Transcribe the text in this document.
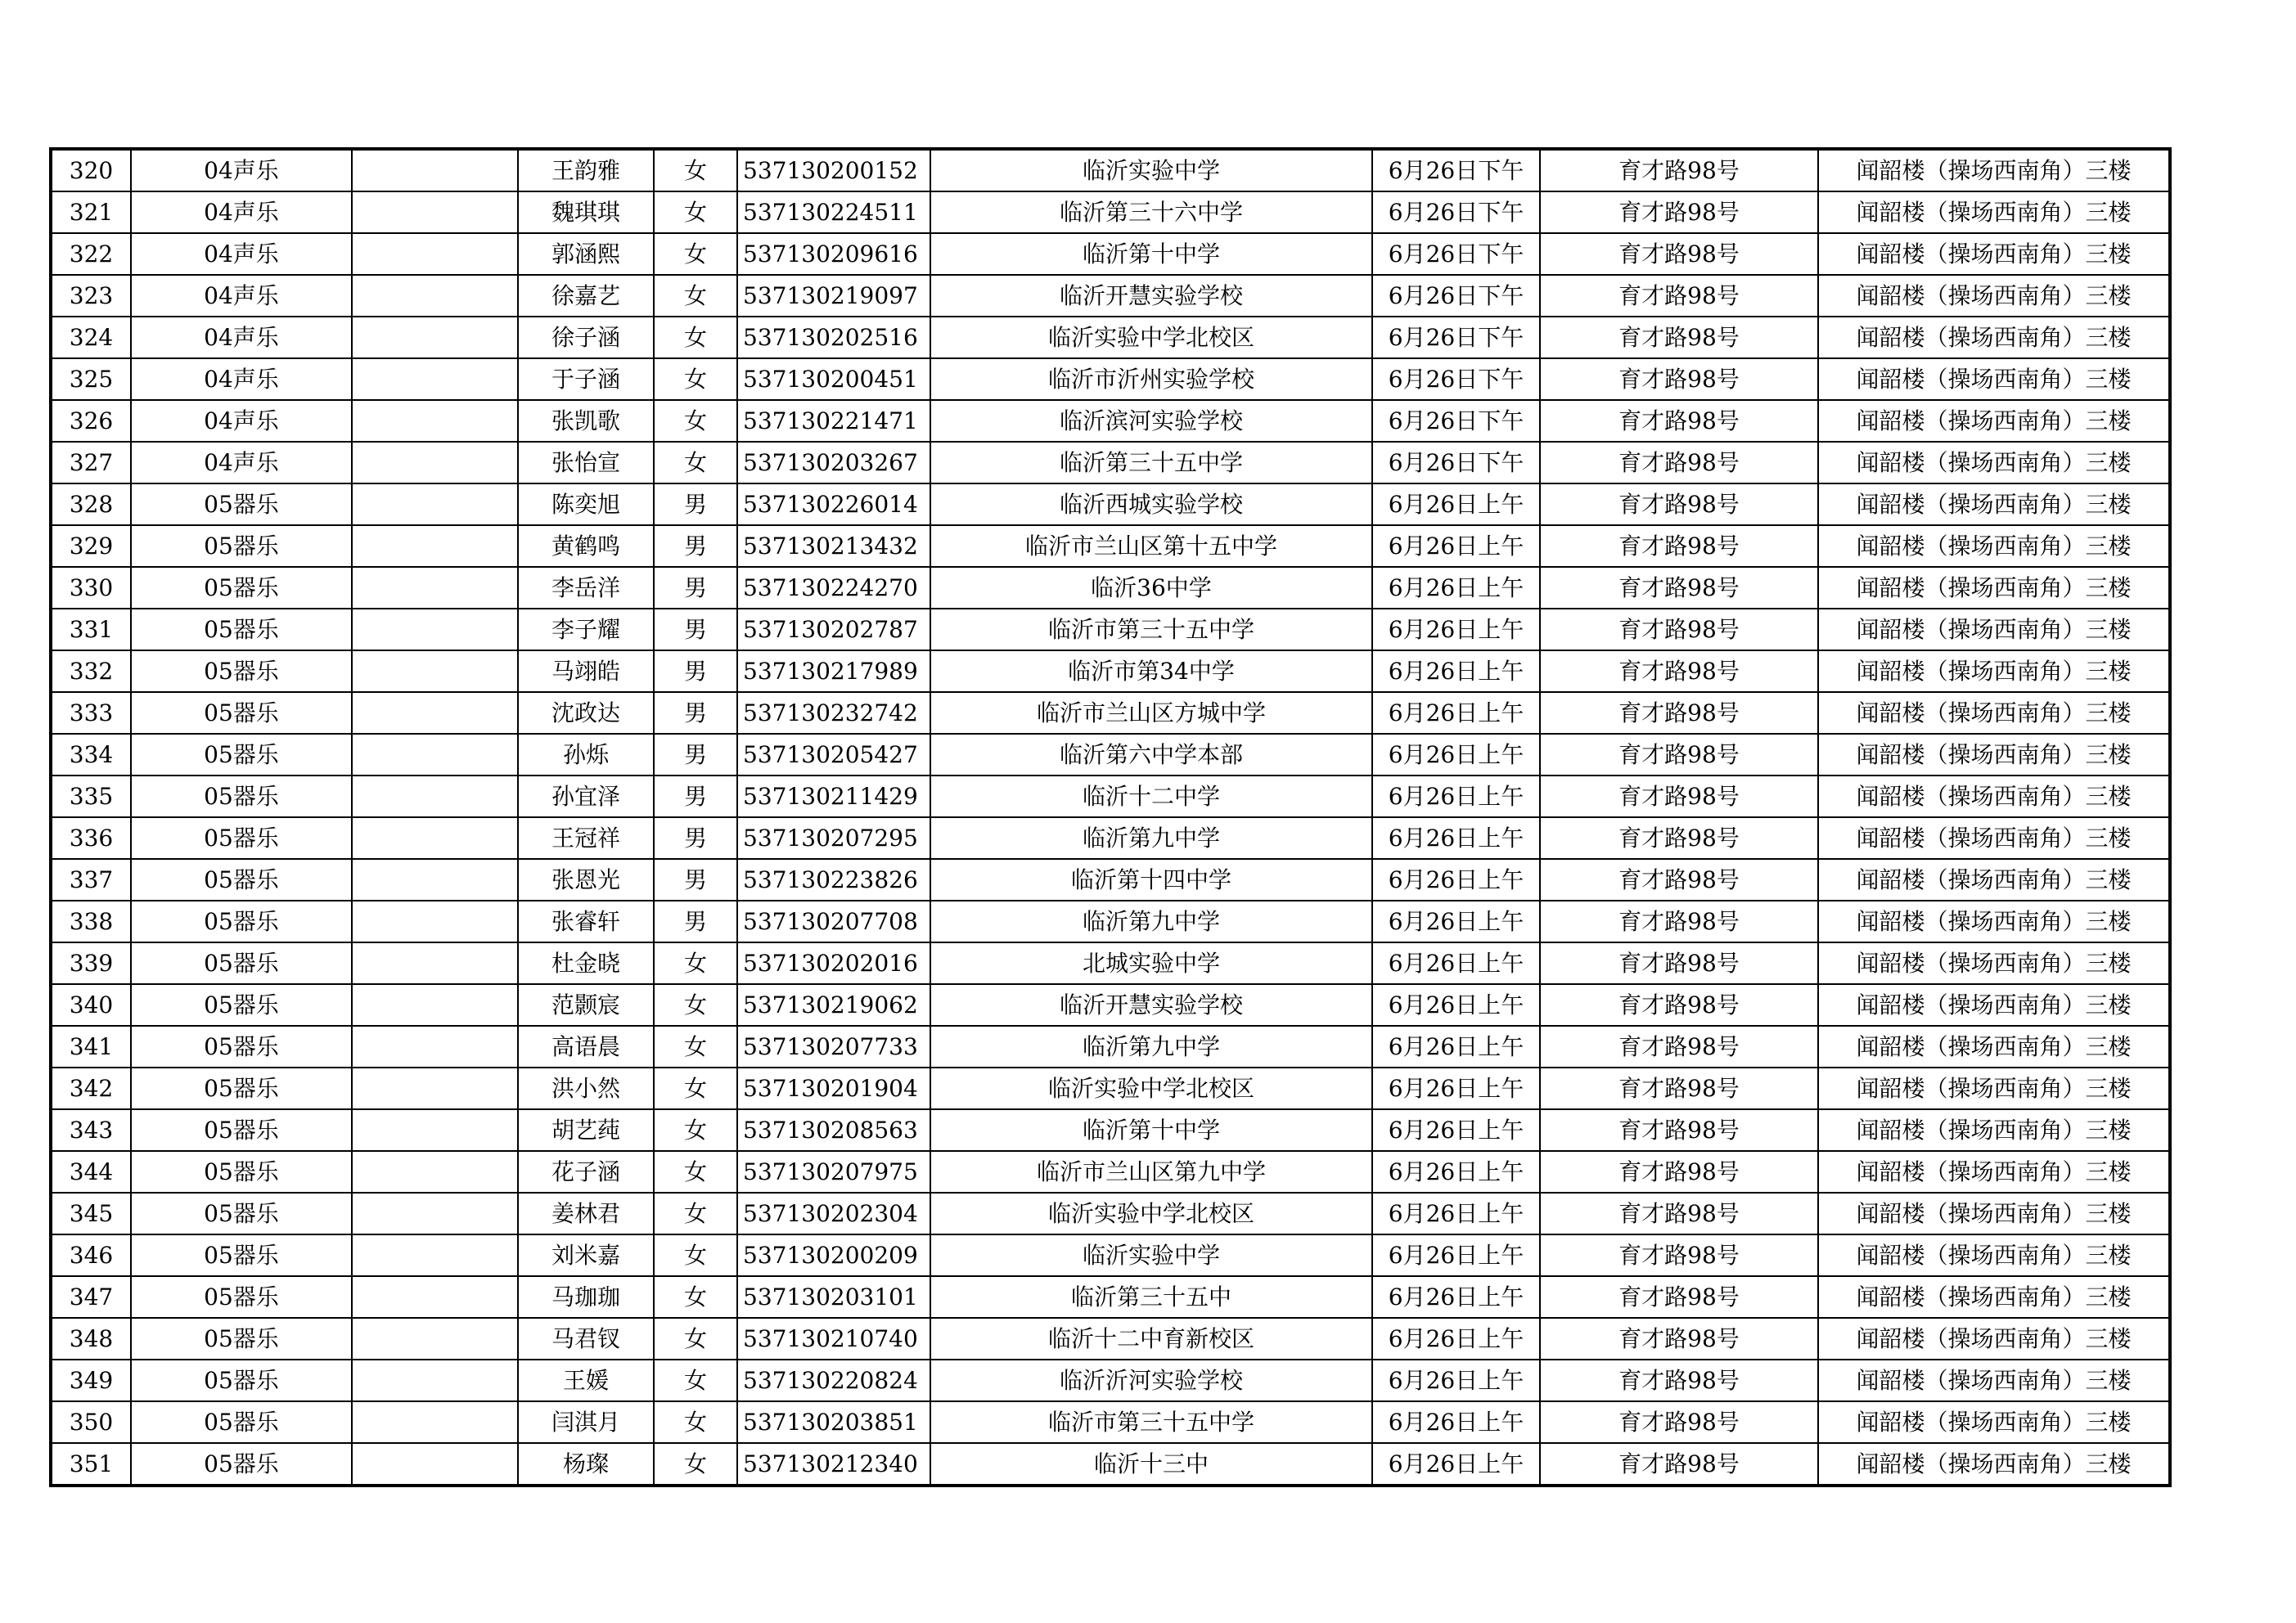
320	04声乐		王韵雅	女	537130200152	临沂实验中学	6月26日下午	育才路98号	闻韶楼（操场西南角）三楼
321	04声乐		魏琪琪	女	537130224511	临沂第三十六中学	6月26日下午	育才路98号	闻韶楼（操场西南角）三楼
322	04声乐		郭涵熙	女	537130209616	临沂第十中学	6月26日下午	育才路98号	闻韶楼（操场西南角）三楼
323	04声乐		徐嘉艺	女	537130219097	临沂开慧实验学校	6月26日下午	育才路98号	闻韶楼（操场西南角）三楼
324	04声乐		徐子涵	女	537130202516	临沂实验中学北校区	6月26日下午	育才路98号	闻韶楼（操场西南角）三楼
325	04声乐		于子涵	女	537130200451	临沂市沂州实验学校	6月26日下午	育才路98号	闻韶楼（操场西南角）三楼
326	04声乐		张凯歌	女	537130221471	临沂滨河实验学校	6月26日下午	育才路98号	闻韶楼（操场西南角）三楼
327	04声乐		张怡宣	女	537130203267	临沂第三十五中学	6月26日下午	育才路98号	闻韶楼（操场西南角）三楼
328	05器乐		陈奕旭	男	537130226014	临沂西城实验学校	6月26日上午	育才路98号	闻韶楼（操场西南角）三楼
329	05器乐		黄鹤鸣	男	537130213432	临沂市兰山区第十五中学	6月26日上午	育才路98号	闻韶楼（操场西南角）三楼
330	05器乐		李岳洋	男	537130224270	临沂36中学	6月26日上午	育才路98号	闻韶楼（操场西南角）三楼
331	05器乐		李子耀	男	537130202787	临沂市第三十五中学	6月26日上午	育才路98号	闻韶楼（操场西南角）三楼
332	05器乐		马翊皓	男	537130217989	临沂市第34中学	6月26日上午	育才路98号	闻韶楼（操场西南角）三楼
333	05器乐		沈政达	男	537130232742	临沂市兰山区方城中学	6月26日上午	育才路98号	闻韶楼（操场西南角）三楼
334	05器乐		孙烁	男	537130205427	临沂第六中学本部	6月26日上午	育才路98号	闻韶楼（操场西南角）三楼
335	05器乐		孙宜泽	男	537130211429	临沂十二中学	6月26日上午	育才路98号	闻韶楼（操场西南角）三楼
336	05器乐		王冠祥	男	537130207295	临沂第九中学	6月26日上午	育才路98号	闻韶楼（操场西南角）三楼
337	05器乐		张恩光	男	537130223826	临沂第十四中学	6月26日上午	育才路98号	闻韶楼（操场西南角）三楼
338	05器乐		张睿轩	男	537130207708	临沂第九中学	6月26日上午	育才路98号	闻韶楼（操场西南角）三楼
339	05器乐		杜金晓	女	537130202016	北城实验中学	6月26日上午	育才路98号	闻韶楼（操场西南角）三楼
340	05器乐		范颢宸	女	537130219062	临沂开慧实验学校	6月26日上午	育才路98号	闻韶楼（操场西南角）三楼
341	05器乐		高语晨	女	537130207733	临沂第九中学	6月26日上午	育才路98号	闻韶楼（操场西南角）三楼
342	05器乐		洪小然	女	537130201904	临沂实验中学北校区	6月26日上午	育才路98号	闻韶楼（操场西南角）三楼
343	05器乐		胡艺莼	女	537130208563	临沂第十中学	6月26日上午	育才路98号	闻韶楼（操场西南角）三楼
344	05器乐		花子涵	女	537130207975	临沂市兰山区第九中学	6月26日上午	育才路98号	闻韶楼（操场西南角）三楼
345	05器乐		姜林君	女	537130202304	临沂实验中学北校区	6月26日上午	育才路98号	闻韶楼（操场西南角）三楼
346	05器乐		刘米嘉	女	537130200209	临沂实验中学	6月26日上午	育才路98号	闻韶楼（操场西南角）三楼
347	05器乐		马珈珈	女	537130203101	临沂第三十五中	6月26日上午	育才路98号	闻韶楼（操场西南角）三楼
348	05器乐		马君钗	女	537130210740	临沂十二中育新校区	6月26日上午	育才路98号	闻韶楼（操场西南角）三楼
349	05器乐		王媛	女	537130220824	临沂沂河实验学校	6月26日上午	育才路98号	闻韶楼（操场西南角）三楼
350	05器乐		闫淇月	女	537130203851	临沂市第三十五中学	6月26日上午	育才路98号	闻韶楼（操场西南角）三楼
351	05器乐		杨璨	女	537130212340	临沂十三中	6月26日上午	育才路98号	闻韶楼（操场西南角）三楼
